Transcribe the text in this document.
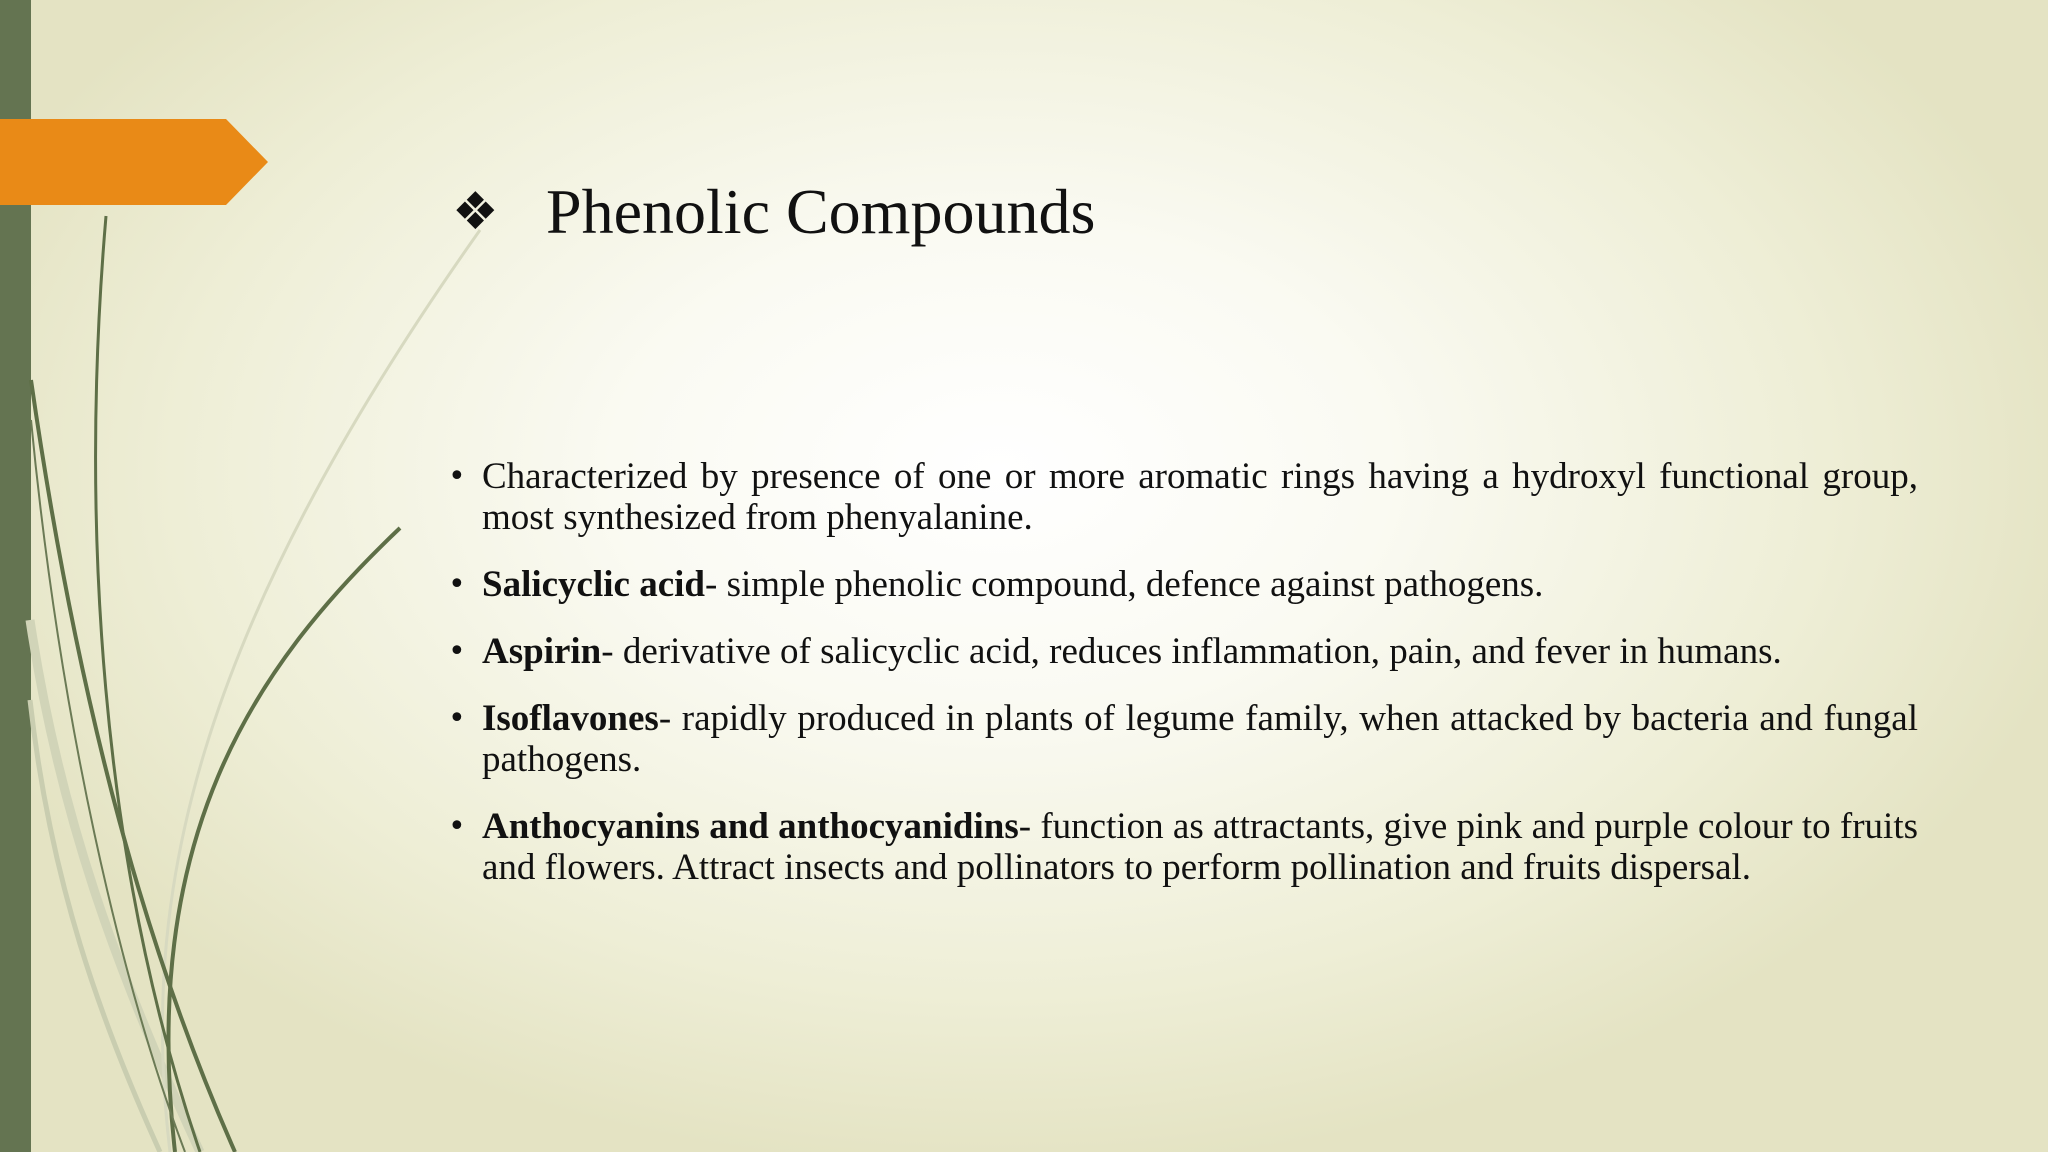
❖ Phenolic Compounds
• Characterized by presence of one or more aromatic rings having a hydroxyl functional group, most synthesized from phenyalanine.
• Salicyclic acid- simple phenolic compound, defence against pathogens.
• Aspirin- derivative of salicyclic acid, reduces inflammation, pain, and fever in humans.
• Isoflavones- rapidly produced in plants of legume family, when attacked by bacteria and fungal pathogens.
• Anthocyanins and anthocyanidins- function as attractants, give pink and purple colour to fruits and flowers. Attract insects and pollinators to perform pollination and fruits dispersal.
